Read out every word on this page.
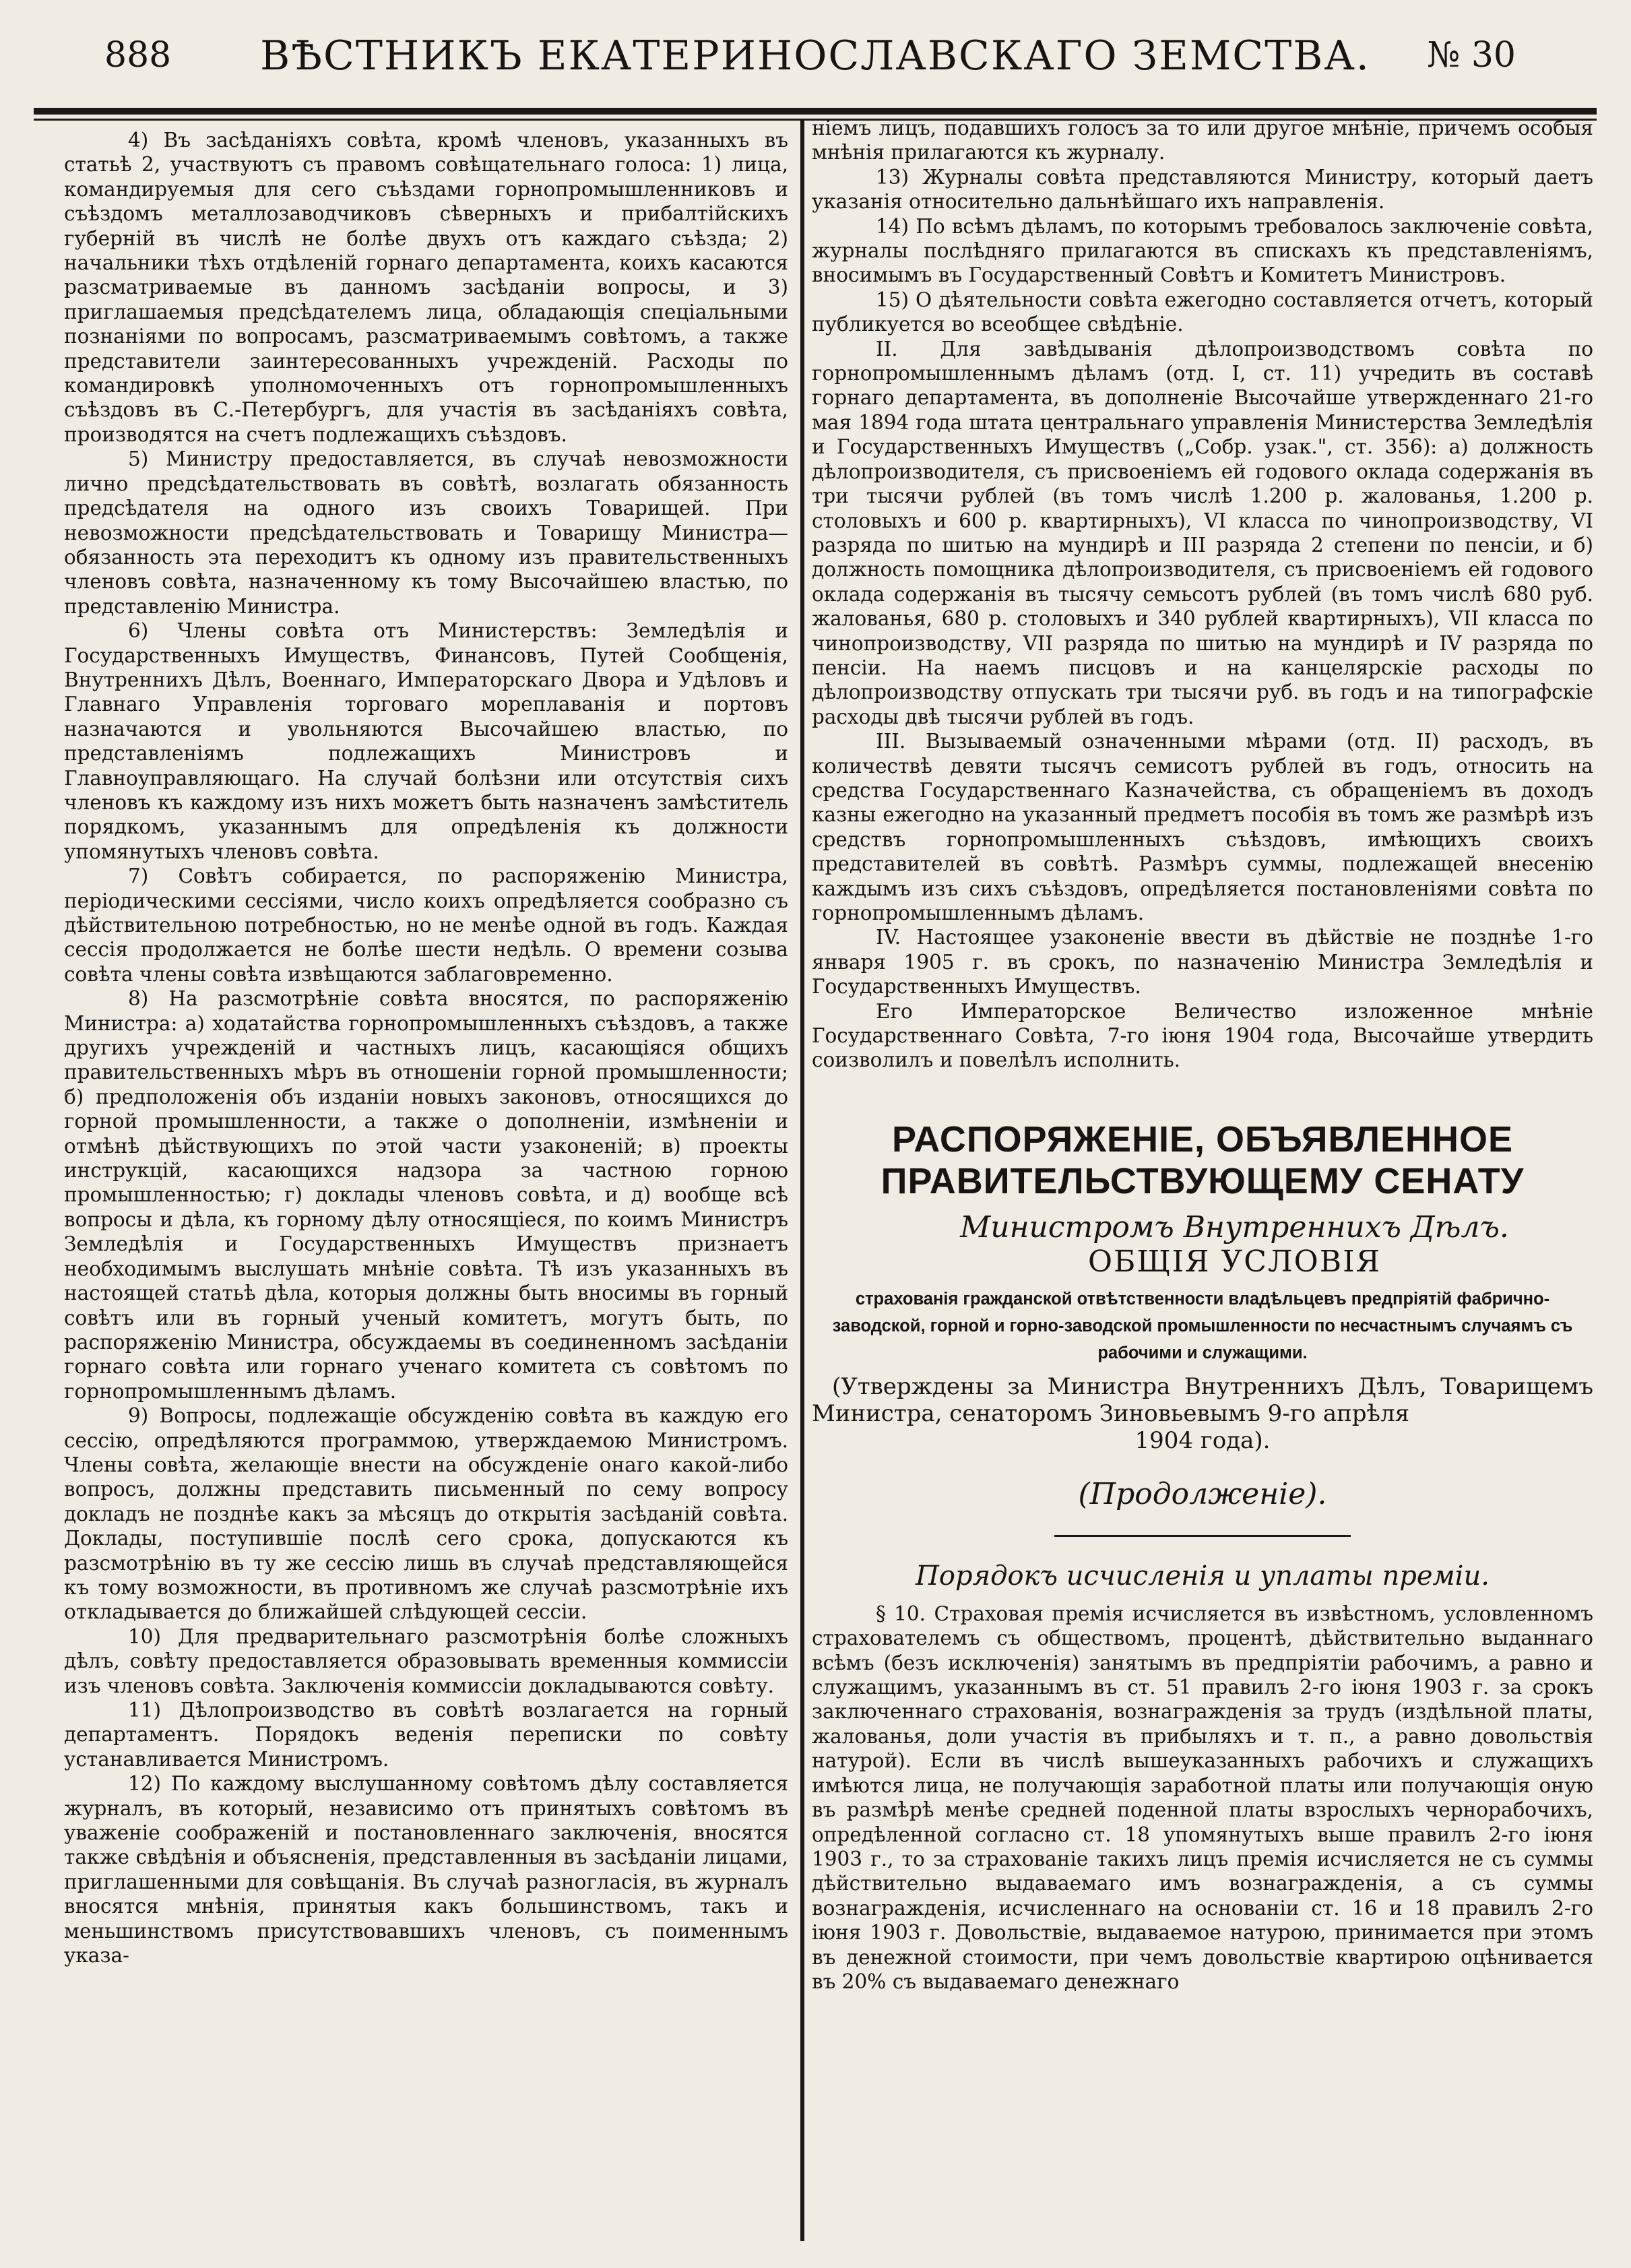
888	ВѢСТНИКЪ ЕКАТЕРИНОСЛАВСКАГО ЗЕМСТВА.	№ 30

4) Въ засѣданіяхъ совѣта, кромѣ членовъ, указанныхъ въ статьѣ 2, участвуютъ съ правомъ совѣщательнаго голоса: 1) лица, командируемыя для сего съѣздами горнопромышленниковъ и съѣздомъ металлозаводчиковъ сѣверныхъ и прибалтійскихъ губерній въ числѣ не болѣе двухъ отъ каждаго съѣзда; 2) начальники тѣхъ отдѣленій горнаго департамента, коихъ касаются разсматриваемые въ данномъ засѣданіи вопросы, и 3) приглашаемыя предсѣдателемъ лица, обладающія спеціальными познаніями по вопросамъ, разсматриваемымъ совѣтомъ, а также представители заинтересованныхъ учрежденій. Расходы по командировкѣ уполномоченныхъ отъ горнопромышленныхъ съѣздовъ въ С.-Петербургъ, для участія въ засѣданіяхъ совѣта, производятся на счетъ подлежащихъ съѣздовъ.

5) Министру предоставляется, въ случаѣ невозможности лично предсѣдательствовать въ совѣтѣ, возлагать обязанность предсѣдателя на одного изъ своихъ Товарищей. При невозможности предсѣдательствовать и Товарищу Министра—обязанность эта переходитъ къ одному изъ правительственныхъ членовъ совѣта, назначенному къ тому Высочайшею властью, по представленію Министра.

6) Члены совѣта отъ Министерствъ: Земледѣлія и Государственныхъ Имуществъ, Финансовъ, Путей Сообщенія, Внутреннихъ Дѣлъ, Военнаго, Императорскаго Двора и Удѣловъ и Главнаго Управленія торговаго мореплаванія и портовъ назначаются и увольняются Высочайшею властью, по представленіямъ подлежащихъ Министровъ и Главноуправляющаго. На случай болѣзни или отсутствія сихъ членовъ къ каждому изъ нихъ можетъ быть назначенъ замѣститель порядкомъ, указаннымъ для опредѣленія къ должности упомянутыхъ членовъ совѣта.

7) Совѣтъ собирается, по распоряженію Министра, періодическими сессіями, число коихъ опредѣляется сообразно съ дѣйствительною потребностью, но не менѣе одной въ годъ. Каждая сессія продолжается не болѣе шести недѣль. О времени созыва совѣта члены совѣта извѣщаются заблаговременно.

8) На разсмотрѣніе совѣта вносятся, по распоряженію Министра: а) ходатайства горнопромышленныхъ съѣздовъ, а также другихъ учрежденій и частныхъ лицъ, касающіяся общихъ правительственныхъ мѣръ въ отношеніи горной промышленности; б) предположенія объ изданіи новыхъ законовъ, относящихся до горной промышленности, а также о дополненіи, измѣненіи и отмѣнѣ дѣйствующихъ по этой части узаконеній; в) проекты инструкцій, касающихся надзора за частною горною промышленностью; г) доклады членовъ совѣта, и д) вообще всѣ вопросы и дѣла, къ горному дѣлу относящіеся, по коимъ Министръ Земледѣлія и Государственныхъ Имуществъ признаетъ необходимымъ выслушать мнѣніе совѣта. Тѣ изъ указанныхъ въ настоящей статьѣ дѣла, которыя должны быть вносимы въ горный совѣтъ или въ горный ученый комитетъ, могутъ быть, по распоряженію Министра, обсуждаемы въ соединенномъ засѣданіи горнаго совѣта или горнаго ученаго комитета съ совѣтомъ по горнопромышленнымъ дѣламъ.

9) Вопросы, подлежащіе обсужденію совѣта въ каждую его сессію, опредѣляются программою, утверждаемою Министромъ. Члены совѣта, желающіе внести на обсужденіе онаго какой-либо вопросъ, должны представить письменный по сему вопросу докладъ не позднѣе какъ за мѣсяцъ до открытія засѣданій совѣта. Доклады, поступившіе послѣ сего срока, допускаются къ разсмотрѣнію въ ту же сессію лишь въ случаѣ представляющейся къ тому возможности, въ противномъ же случаѣ разсмотрѣніе ихъ откладывается до ближайшей слѣдующей сессіи.

10) Для предварительнаго разсмотрѣнія болѣе сложныхъ дѣлъ, совѣту предоставляется образовывать временныя коммиссіи изъ членовъ совѣта. Заключенія коммиссіи докладываются совѣту.

11) Дѣлопроизводство въ совѣтѣ возлагается на горный департаментъ. Порядокъ веденія переписки по совѣту устанавливается Министромъ.

12) По каждому выслушанному совѣтомъ дѣлу составляется журналъ, въ который, независимо отъ принятыхъ совѣтомъ въ уваженіе соображеній и постановленнаго заключенія, вносятся также свѣдѣнія и объясненія, представленныя въ засѣданіи лицами, приглашенными для совѣщанія. Въ случаѣ разногласія, въ журналъ вносятся мнѣнія, принятыя какъ большинствомъ, такъ и меньшинствомъ присутствовавшихъ членовъ, съ поименнымъ указа-

ніемъ лицъ, подавшихъ голосъ за то или другое мнѣніе, причемъ особыя мнѣнія прилагаются къ журналу.

13) Журналы совѣта представляются Министру, который даетъ указанія относительно дальнѣйшаго ихъ направленія.

14) По всѣмъ дѣламъ, по которымъ требовалось заключеніе совѣта, журналы послѣдняго прилагаются въ спискахъ къ представленіямъ, вносимымъ въ Государственный Совѣтъ и Комитетъ Министровъ.

15) О дѣятельности совѣта ежегодно составляется отчетъ, который публикуется во всеобщее свѣдѣніе.

II. Для завѣдыванія дѣлопроизводствомъ совѣта по горнопромышленнымъ дѣламъ (отд. I, ст. 11) учредить въ составѣ горнаго департамента, въ дополненіе Высочайше утвержденнаго 21-го мая 1894 года штата центральнаго управленія Министерства Земледѣлія и Государственныхъ Имуществъ („Собр. узак.", ст. 356): а) должность дѣлопроизводителя, съ присвоеніемъ ей годового оклада содержанія въ три тысячи рублей (въ томъ числѣ 1.200 р. жалованья, 1.200 р. столовыхъ и 600 р. квартирныхъ), VI класса по чинопроизводству, VI разряда по шитью на мундирѣ и III разряда 2 степени по пенсіи, и б) должность помощника дѣлопроизводителя, съ присвоеніемъ ей годового оклада содержанія въ тысячу семьсотъ рублей (въ томъ числѣ 680 руб. жалованья, 680 р. столовыхъ и 340 рублей квартирныхъ), VII класса по чинопроизводству, VII разряда по шитью на мундирѣ и IV разряда по пенсіи. На наемъ писцовъ и на канцелярскіе расходы по дѣлопроизводству отпускать три тысячи руб. въ годъ и на типографскіе расходы двѣ тысячи рублей въ годъ.

III. Вызываемый означенными мѣрами (отд. II) расходъ, въ количествѣ девяти тысячъ семисотъ рублей въ годъ, относить на средства Государственнаго Казначейства, съ обращеніемъ въ доходъ казны ежегодно на указанный предметъ пособія въ томъ же размѣрѣ изъ средствъ горнопромышленныхъ съѣздовъ, имѣющихъ своихъ представителей въ совѣтѣ. Размѣръ суммы, подлежащей внесенію каждымъ изъ сихъ съѣздовъ, опредѣляется постановленіями совѣта по горнопромышленнымъ дѣламъ.

IV. Настоящее узаконеніе ввести въ дѣйствіе не позднѣе 1-го января 1905 г. въ срокъ, по назначенію Министра Земледѣлія и Государственныхъ Имуществъ.

Его Императорское Величество изложенное мнѣніе Государственнаго Совѣта, 7-го іюня 1904 года, Высочайше утвердить соизволилъ и повелѣлъ исполнить.

РАСПОРЯЖЕНІЕ, ОБЪЯВЛЕННОЕ ПРАВИТЕЛЬСТВУЮЩЕМУ СЕНАТУ

Министромъ Внутреннихъ Дѣлъ.

ОБЩІЯ УСЛОВІЯ

страхованія гражданской отвѣтственности владѣльцевъ предпріятій фабрично-заводской, горной и горно-заводской промышленности по несчастнымъ случаямъ съ рабочими и служащими.

(Утверждены за Министра Внутреннихъ Дѣлъ, Товарищемъ Министра, сенаторомъ Зиновьевымъ 9-го апрѣля

1904 года).
(Продолженіе).
Порядокъ исчисленія и уплаты преміи.

§ 10. Страховая премія исчисляется въ извѣстномъ, условленномъ страхователемъ съ обществомъ, процентѣ, дѣйствительно выданнаго всѣмъ (безъ исключенія) занятымъ въ предпріятіи рабочимъ, а равно и служащимъ, указаннымъ въ ст. 51 правилъ 2-го іюня 1903 г. за срокъ заключеннаго страхованія, вознагражденія за трудъ (издѣльной платы, жалованья, доли участія въ прибыляхъ и т. п., а равно довольствія натурой). Если въ числѣ вышеуказанныхъ рабочихъ и служащихъ имѣются лица, не получающія заработной платы или получающія оную въ размѣрѣ менѣе средней поденной платы взрослыхъ чернорабочихъ, опредѣленной согласно ст. 18 упомянутыхъ выше правилъ 2-го іюня 1903 г., то за страхованіе такихъ лицъ премія исчисляется не съ суммы дѣйствительно выдаваемаго имъ вознагражденія, а съ суммы вознагражденія, исчисленнаго на основаніи ст. 16 и 18 правилъ 2-го іюня 1903 г. Довольствіе, выдаваемое натурою, принимается при этомъ въ денежной стоимости, при чемъ довольствіе квартирою оцѣнивается въ 20% съ выдаваемаго денежнаго
